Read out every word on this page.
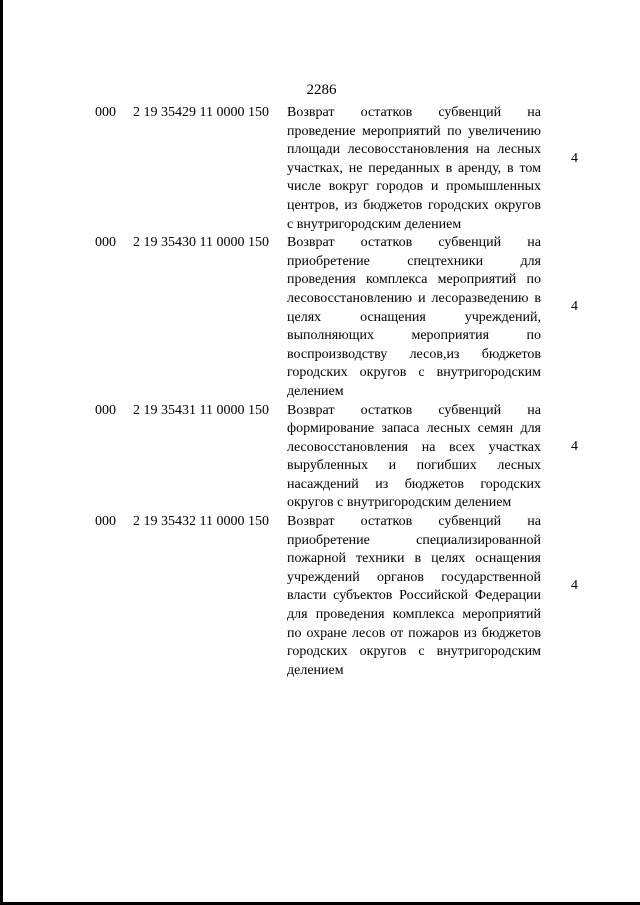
2286
000 2 19 35429 11 0000 150 Возврат остатков субвенций на проведение мероприятий по увеличению площади лесовосстановления на лесных участках, не переданных в аренду, в том числе вокруг городов и промышленных центров, из бюджетов городских округов с внутригородским делением
4
000 2 19 35430 11 0000 150 Возврат остатков субвенций на приобретение спецтехники для проведения комплекса мероприятий по лесовосстановлению и лесоразведению в целях оснащения учреждений, выполняющих мероприятия по воспроизводству лесов,из бюджетов городских округов с внутригородским делением
4
000 2 19 35431 11 0000 150 Возврат остатков субвенций на формирование запаса лесных семян для лесовосстановления на всех участках вырубленных и погибших лесных насаждений из бюджетов городских округов с внутригородским делением
4
000 2 19 35432 11 0000 150 Возврат остатков субвенций на приобретение специализированной пожарной техники в целях оснащения учреждений органов государственной власти субъектов Российской Федерации для проведения комплекса мероприятий по охране лесов от пожаров из бюджетов городских округов с внутригородским делением
4
